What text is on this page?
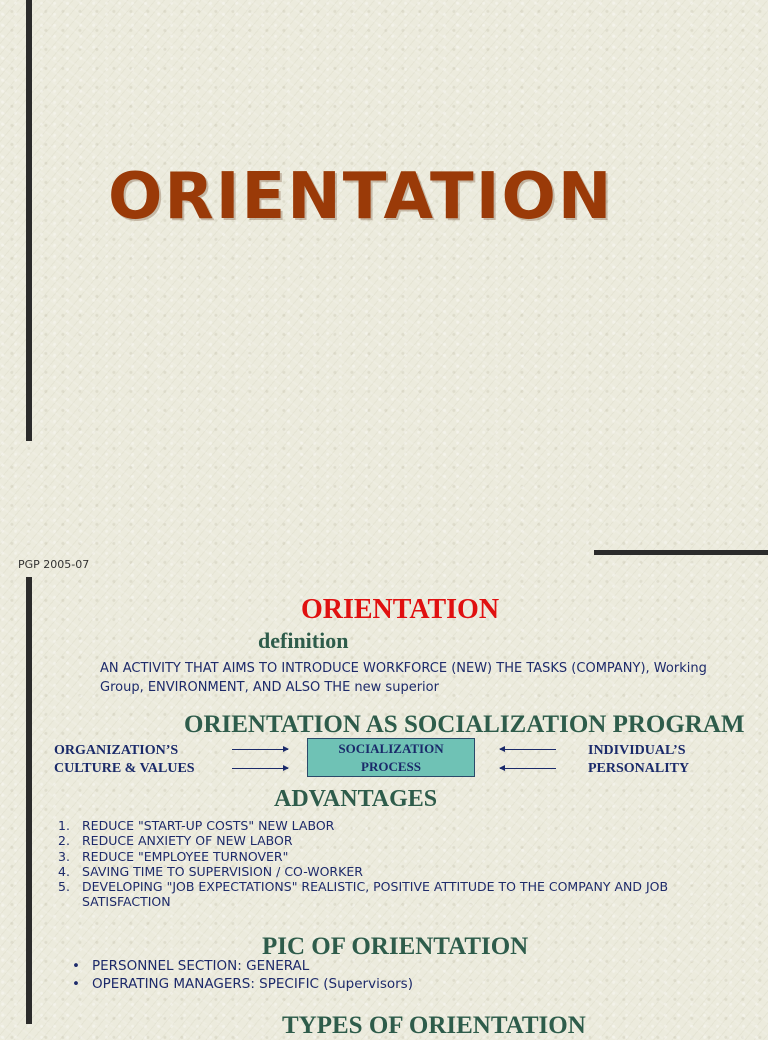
ORIENTATION
PGP 2005-07
ORIENTATION
definition
AN ACTIVITY THAT AIMS TO INTRODUCE WORKFORCE (NEW) THE TASKS (COMPANY), Working Group, ENVIRONMENT, AND ALSO THE new superior
ORIENTATION AS SOCIALIZATION PROGRAM
ORGANIZATION’S
CULTURE & VALUES
SOCIALIZATION
PROCESS
INDIVIDUAL’S
PERSONALITY
ADVANTAGES
1. REDUCE "START-UP COSTS" NEW LABOR
2. REDUCE ANXIETY OF NEW LABOR
3. REDUCE "EMPLOYEE TURNOVER"
4. SAVING TIME TO SUPERVISION / CO-WORKER
5. DEVELOPING "JOB EXPECTATIONS" REALISTIC, POSITIVE ATTITUDE TO THE COMPANY AND JOB SATISFACTION
PIC OF ORIENTATION
• PERSONNEL SECTION: GENERAL
• OPERATING MANAGERS: SPECIFIC (Supervisors)
TYPES OF ORIENTATION
